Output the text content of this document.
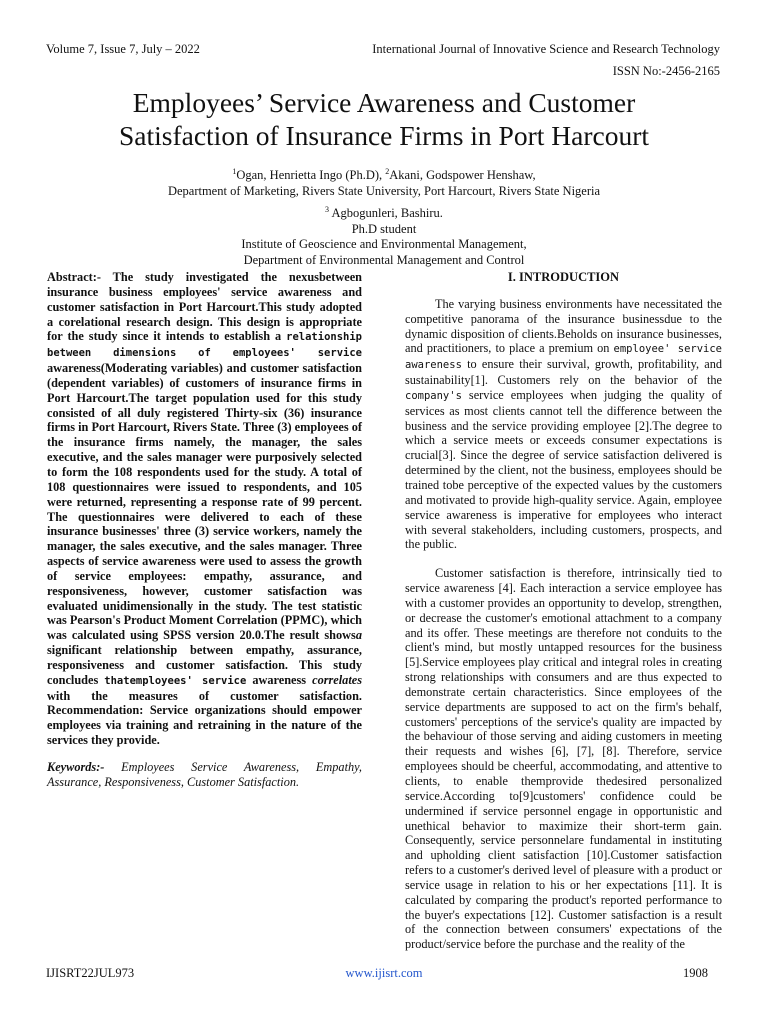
Volume 7, Issue 7, July – 2022	International Journal of Innovative Science and Research Technology
ISSN No:-2456-2165
Employees’ Service Awareness and Customer
Satisfaction of Insurance Firms in Port Harcourt
$^1$Ogan, Henrietta Ingo (Ph.D), $^2$Akani, Godspower Henshaw,
Department of Marketing, Rivers State University, Port Harcourt, Rivers State Nigeria
$^3$ Agbogunleri, Bashiru.
Ph.D student
Institute of Geoscience and Environmental Management,
Department of Environmental Management and Control
Abstract:- The study investigated the nexusbetween insurance business employees' service awareness and customer satisfaction in Port Harcourt.This study adopted a corelational research design. This design is appropriate for the study since it intends to establish a relationship between dimensions of employees' service awareness(Moderating variables) and customer satisfaction (dependent variables) of customers of insurance firms in Port Harcourt.The target population used for this study consisted of all duly registered Thirty-six (36) insurance firms in Port Harcourt, Rivers State. Three (3) employees of the insurance firms namely, the manager, the sales executive, and the sales manager were purposively selected to form the 108 respondents used for the study. A total of 108 questionnaires were issued to respondents, and 105 were returned, representing a response rate of 99 percent. The questionnaires were delivered to each of these insurance businesses' three (3) service workers, namely the manager, the sales executive, and the sales manager. Three aspects of service awareness were used to assess the growth of service employees: empathy, assurance, and responsiveness, however, customer satisfaction was evaluated unidimensionally in the study. The test statistic was Pearson's Product Moment Correlation (PPMC), which was calculated using SPSS version 20.0.The result showsa significant relationship between empathy, assurance, responsiveness and customer satisfaction. This study concludes thatemployees' service awareness correlates with the measures of customer satisfaction. Recommendation: Service organizations should empower employees via training and retraining in the nature of the services they provide.
Keywords:- Employees Service Awareness, Empathy, Assurance, Responsiveness, Customer Satisfaction.
I. INTRODUCTION
The varying business environments have necessitated the competitive panorama of the insurance businessdue to the dynamic disposition of clients.Beholds on insurance businesses, and practitioners, to place a premium on employee' service awareness to ensure their survival, growth, profitability, and sustainability[1]. Customers rely on the behavior of the company's service employees when judging the quality of services as most clients cannot tell the difference between the business and the service providing employee [2].The degree to which a service meets or exceeds consumer expectations is crucial[3]. Since the degree of service satisfaction delivered is determined by the client, not the business, employees should be trained tobe perceptive of the expected values by the customers and motivated to provide high-quality service. Again, employee service awareness is imperative for employees who interact with several stakeholders, including customers, prospects, and the public.
Customer satisfaction is therefore, intrinsically tied to service awareness [4]. Each interaction a service employee has with a customer provides an opportunity to develop, strengthen, or decrease the customer's emotional attachment to a company and its offer. These meetings are therefore not conduits to the client's mind, but mostly untapped resources for the business [5].Service employees play critical and integral roles in creating strong relationships with consumers and are thus expected to demonstrate certain characteristics. Since employees of the service departments are supposed to act on the firm's behalf, customers' perceptions of the service's quality are impacted by the behaviour of those serving and aiding customers in meeting their requests and wishes [6], [7], [8]. Therefore, service employees should be cheerful, accommodating, and attentive to clients, to enable themprovide thedesired personalized service.According to[9]customers' confidence could be undermined if service personnel engage in opportunistic and unethical behavior to maximize their short-term gain. Consequently, service personnelare fundamental in instituting and upholding client satisfaction [10].Customer satisfaction refers to a customer's derived level of pleasure with a product or service usage in relation to his or her expectations [11]. It is calculated by comparing the product's reported performance to the buyer's expectations [12]. Customer satisfaction is a result of the connection between consumers' expectations of the product/service before the purchase and the reality of the
IJISRT22JUL973	www.ijisrt.com	1908
